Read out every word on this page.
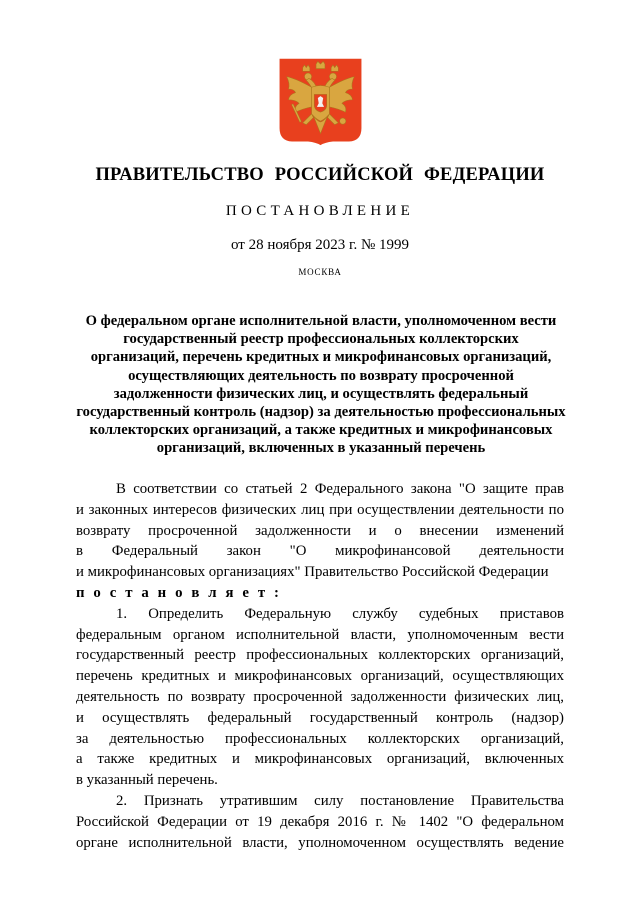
ПРАВИТЕЛЬСТВО РОССИЙСКОЙ ФЕДЕРАЦИИ
ПОСТАНОВЛЕНИЕ
от 28 ноября 2023 г. № 1999
МОСКВА
О федеральном органе исполнительной власти, уполномоченном вести
государственный реестр профессиональных коллекторских
организаций, перечень кредитных и микрофинансовых организаций,
осуществляющих деятельность по возврату просроченной
задолженности физических лиц, и осуществлять федеральный
государственный контроль (надзор) за деятельностью профессиональных
коллекторских организаций, а также кредитных и микрофинансовых
организаций, включенных в указанный перечень
В соответствии со статьей 2 Федерального закона "О защите прав
и законных интересов физических лиц при осуществлении деятельности по
возврату просроченной задолженности и о внесении изменений
в Федеральный закон "О микрофинансовой деятельности
и микрофинансовых организациях" Правительство Российской Федерации
п о с т а н о в л я е т :
1. Определить Федеральную службу судебных приставов
федеральным органом исполнительной власти, уполномоченным вести
государственный реестр профессиональных коллекторских организаций,
перечень кредитных и микрофинансовых организаций, осуществляющих
деятельность по возврату просроченной задолженности физических лиц,
и осуществлять федеральный государственный контроль (надзор)
за деятельностью профессиональных коллекторских организаций,
а также кредитных и микрофинансовых организаций, включенных
в указанный перечень.
2. Признать утратившим силу постановление Правительства
Российской Федерации от 19 декабря 2016 г. № 1402 "О федеральном
органе исполнительной власти, уполномоченном осуществлять ведение
